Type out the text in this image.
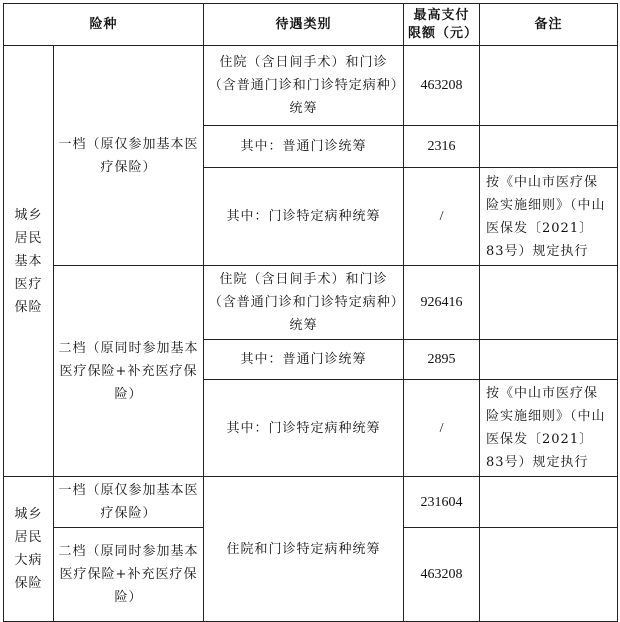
险种		待遇类别	最高支付限额（元）	备注
城乡居民基本医疗保险	一档（原仅参加基本医疗保险）	住院（含日间手术）和门诊（含普通门诊和门诊特定病种）统筹	463208	
		其中：普通门诊统筹	2316	
		其中：门诊特定病种统筹	/	按《中山市医疗保险实施细则》（中山医保发〔2021〕83号）规定执行
	二档（原同时参加基本医疗保险+补充医疗保险）	住院（含日间手术）和门诊（含普通门诊和门诊特定病种）统筹	926416	
		其中：普通门诊统筹	2895	
		其中：门诊特定病种统筹	/	按《中山市医疗保险实施细则》（中山医保发〔2021〕83号）规定执行
城乡居民大病保险	一档（原仅参加基本医疗保险）	住院和门诊特定病种统筹	231604	
	二档（原同时参加基本医疗保险+补充医疗保险）		463208	
